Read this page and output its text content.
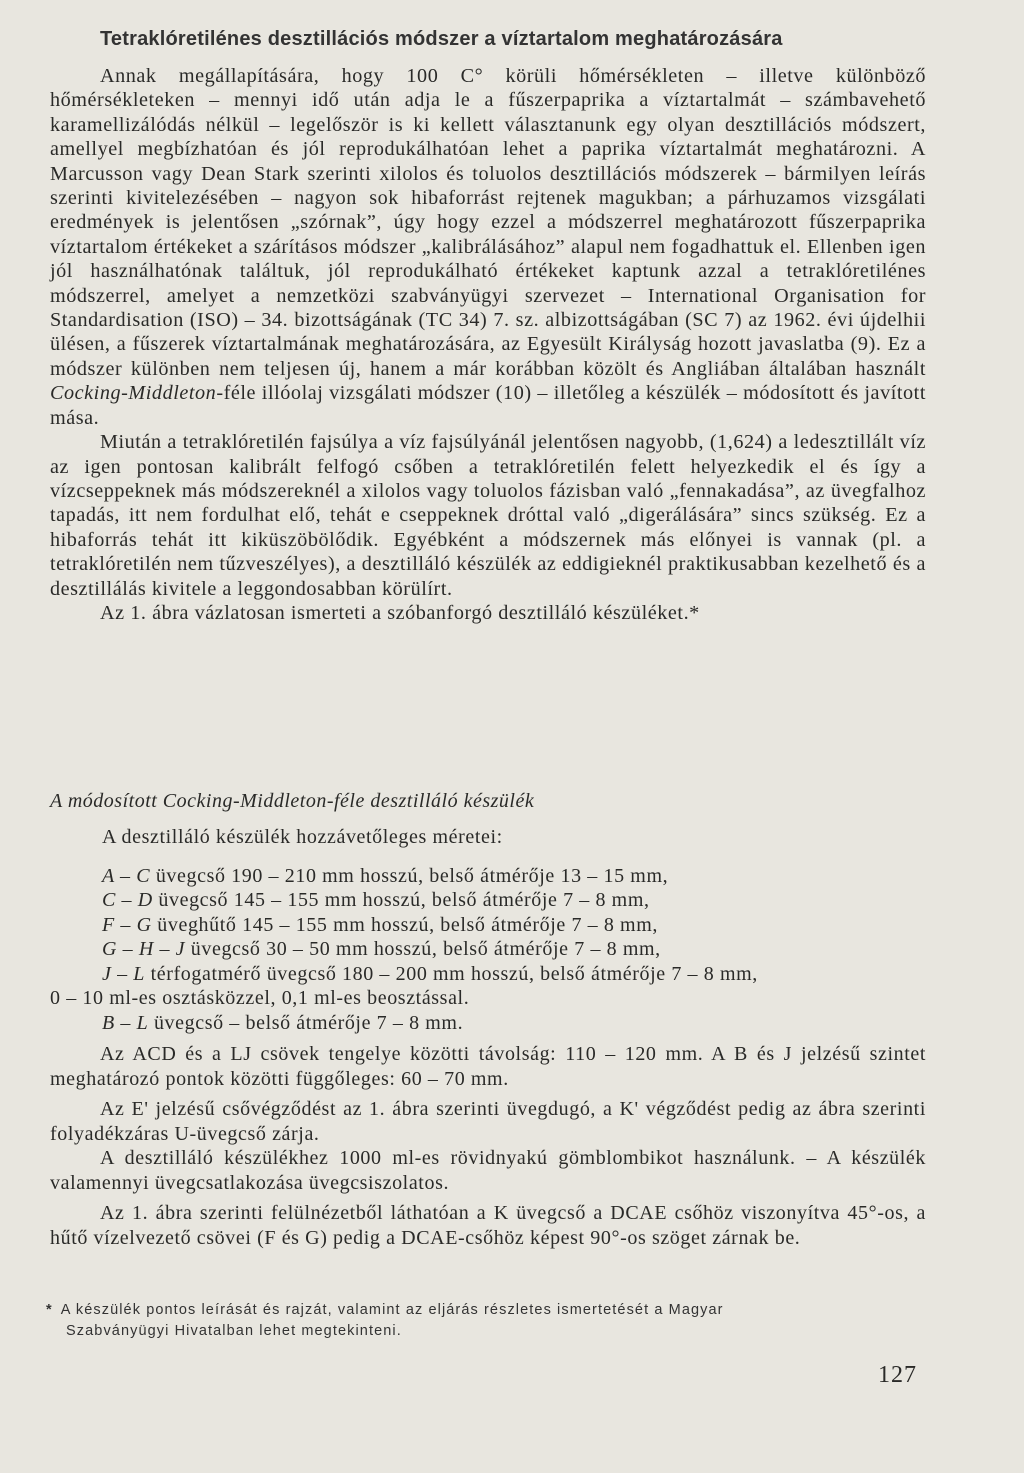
Tetraklóretilénes desztillációs módszer a víztartalom meghatározására

Annak megállapítására, hogy 100 C° körüli hőmérsékleten – illetve különböző hőmérsékleteken – mennyi idő után adja le a fűszerpaprika a víztartalmát – számbavehető karamellizálódás nélkül – legelőször is ki kellett választanunk egy olyan desztillációs módszert, amellyel megbízhatóan és jól reprodukálhatóan lehet a paprika víztartalmát meghatározni. A Marcusson vagy Dean Stark szerinti xilolos és toluolos desztillációs módszerek – bármilyen leírás szerinti kivitelezésében – nagyon sok hibaforrást rejtenek magukban; a párhuzamos vizsgálati eredmények is jelentősen „szórnak”, úgy hogy ezzel a módszerrel meghatározott fűszerpaprika víztartalom értékeket a szárításos módszer „kalibrálásához” alapul nem fogadhattuk el. Ellenben igen jól használhatónak találtuk, jól reprodukálható értékeket kaptunk azzal a tetraklóretilénes módszerrel, amelyet a nemzetközi szabványügyi szervezet – International Organisation for Standardisation (ISO) – 34. bizottságának (TC 34) 7. sz. albizottságában (SC 7) az 1962. évi újdelhii ülésen, a fűszerek víztartalmának meghatározására, az Egyesült Királyság hozott javaslatba (9). Ez a módszer különben nem teljesen új, hanem a már korábban közölt és Angliában általában használt Cocking-Middleton-féle illóolaj vizsgálati módszer (10) – illetőleg a készülék – módosított és javított mása.

Miután a tetraklóretilén fajsúlya a víz fajsúlyánál jelentősen nagyobb, (1,624) a ledesztillált víz az igen pontosan kalibrált felfogó csőben a tetraklóretilén felett helyezkedik el és így a vízcseppeknek más módszereknél a xilolos vagy toluolos fázisban való „fennakadása”, az üvegfalhoz tapadás, itt nem fordulhat elő, tehát e cseppeknek dróttal való „digerálására” sincs szükség. Ez a hibaforrás tehát itt kiküszöbölődik. Egyébként a módszernek más előnyei is vannak (pl. a tetraklóretilén nem tűzveszélyes), a desztilláló készülék az eddigieknél praktikusabban kezelhető és a desztillálás kivitele a leggondosabban körülírt.

Az 1. ábra vázlatosan ismerteti a szóbanforgó desztilláló készüléket.*

A módosított Cocking-Middleton-féle desztilláló készülék
A desztilláló készülék hozzávetőleges méretei:
A – C üvegcső 190 – 210 mm hosszú, belső átmérője 13 – 15 mm,
C – D üvegcső 145 – 155 mm hosszú, belső átmérője 7 – 8 mm,
F – G üveghűtő 145 – 155 mm hosszú, belső átmérője 7 – 8 mm,
G – H – J üvegcső 30 – 50 mm hosszú, belső átmérője 7 – 8 mm,
J – L térfogatmérő üvegcső 180 – 200 mm hosszú, belső átmérője 7 – 8 mm,
0 – 10 ml-es osztásközzel, 0,1 ml-es beosztással.
B – L üvegcső – belső átmérője 7 – 8 mm.

Az ACD és a LJ csövek tengelye közötti távolság: 110 – 120 mm. A B és J jelzésű szintet meghatározó pontok közötti függőleges: 60 – 70 mm.

Az E' jelzésű csővégződést az 1. ábra szerinti üvegdugó, a K' végződést pedig az ábra szerinti folyadékzáras U-üvegcső zárja.

A desztilláló készülékhez 1000 ml-es rövidnyakú gömblombikot használunk. – A készülék valamennyi üvegcsatlakozása üvegcsiszolatos.

Az 1. ábra szerinti felülnézetből láthatóan a K üvegcső a DCAE csőhöz viszonyítva 45°-os, a hűtő vízelvezető csövei (F és G) pedig a DCAE-csőhöz képest 90°-os szöget zárnak be.

* A készülék pontos leírását és rajzát, valamint az eljárás részletes ismertetését a Magyar
Szabványügyi Hivatalban lehet megtekinteni.
127
